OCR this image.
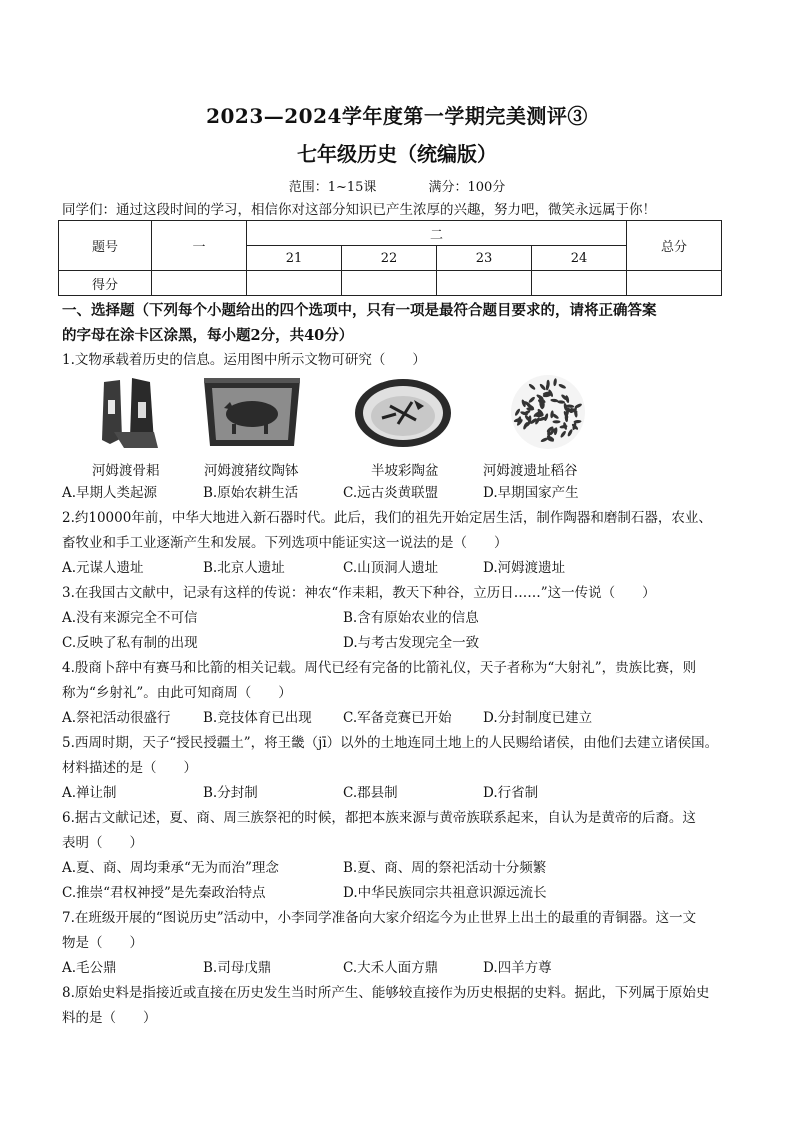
2023—2024学年度第一学期完美测评③
七年级历史（统编版）
范围：1~15课	满分：100分
同学们：通过这段时间的学习，相信你对这部分知识已产生浓厚的兴趣，努力吧，微笑永远属于你！
题号	一	二				总分
		21	22	23	24	
得分						
一、选择题（下列每个小题给出的四个选项中，只有一项是最符合题目要求的，请将正确答案
的字母在涂卡区涂黑，每小题2分，共40分）
1.文物承载着历史的信息。运用图中所示文物可研究（　　）
河姆渡骨耜	河姆渡猪纹陶钵	半坡彩陶盆	河姆渡遗址稻谷
A.早期人类起源	B.原始农耕生活	C.远古炎黄联盟	D.早期国家产生
2.约10000年前，中华大地进入新石器时代。此后，我们的祖先开始定居生活，制作陶器和磨制石器，农业、
畜牧业和手工业逐渐产生和发展。下列选项中能证实这一说法的是（　　）
A.元谋人遗址	B.北京人遗址	C.山顶洞人遗址	D.河姆渡遗址
3.在我国古文献中，记录有这样的传说：神农“作耒耜，教天下种谷，立历日……”这一传说（　　）
A.没有来源完全不可信	B.含有原始农业的信息
C.反映了私有制的出现	D.与考古发现完全一致
4.殷商卜辞中有赛马和比箭的相关记载。周代已经有完备的比箭礼仪，天子者称为“大射礼”，贵族比赛，则
称为“乡射礼”。由此可知商周（　　）
A.祭祀活动很盛行 B.竞技体育已出现 C.军备竞赛已开始 D.分封制度已建立
5.西周时期，天子“授民授疆土”，将王畿（jī）以外的土地连同土地上的人民赐给诸侯，由他们去建立诸侯国。
材料描述的是（　　）
A.禅让制	B.分封制	C.郡县制	D.行省制
6.据古文献记述，夏、商、周三族祭祀的时候，都把本族来源与黄帝族联系起来，自认为是黄帝的后裔。这
表明（　　）
A.夏、商、周均秉承“无为而治”理念	B.夏、商、周的祭祀活动十分频繁
C.推崇“君权神授”是先秦政治特点	D.中华民族同宗共祖意识源远流长
7.在班级开展的“图说历史”活动中，小李同学准备向大家介绍迄今为止世界上出土的最重的青铜器。这一文
物是（　　）
A.毛公鼎	B.司母戊鼎	C.大禾人面方鼎	D.四羊方尊
8.原始史料是指接近或直接在历史发生当时所产生、能够较直接作为历史根据的史料。据此，下列属于原始史
料的是（　　）
